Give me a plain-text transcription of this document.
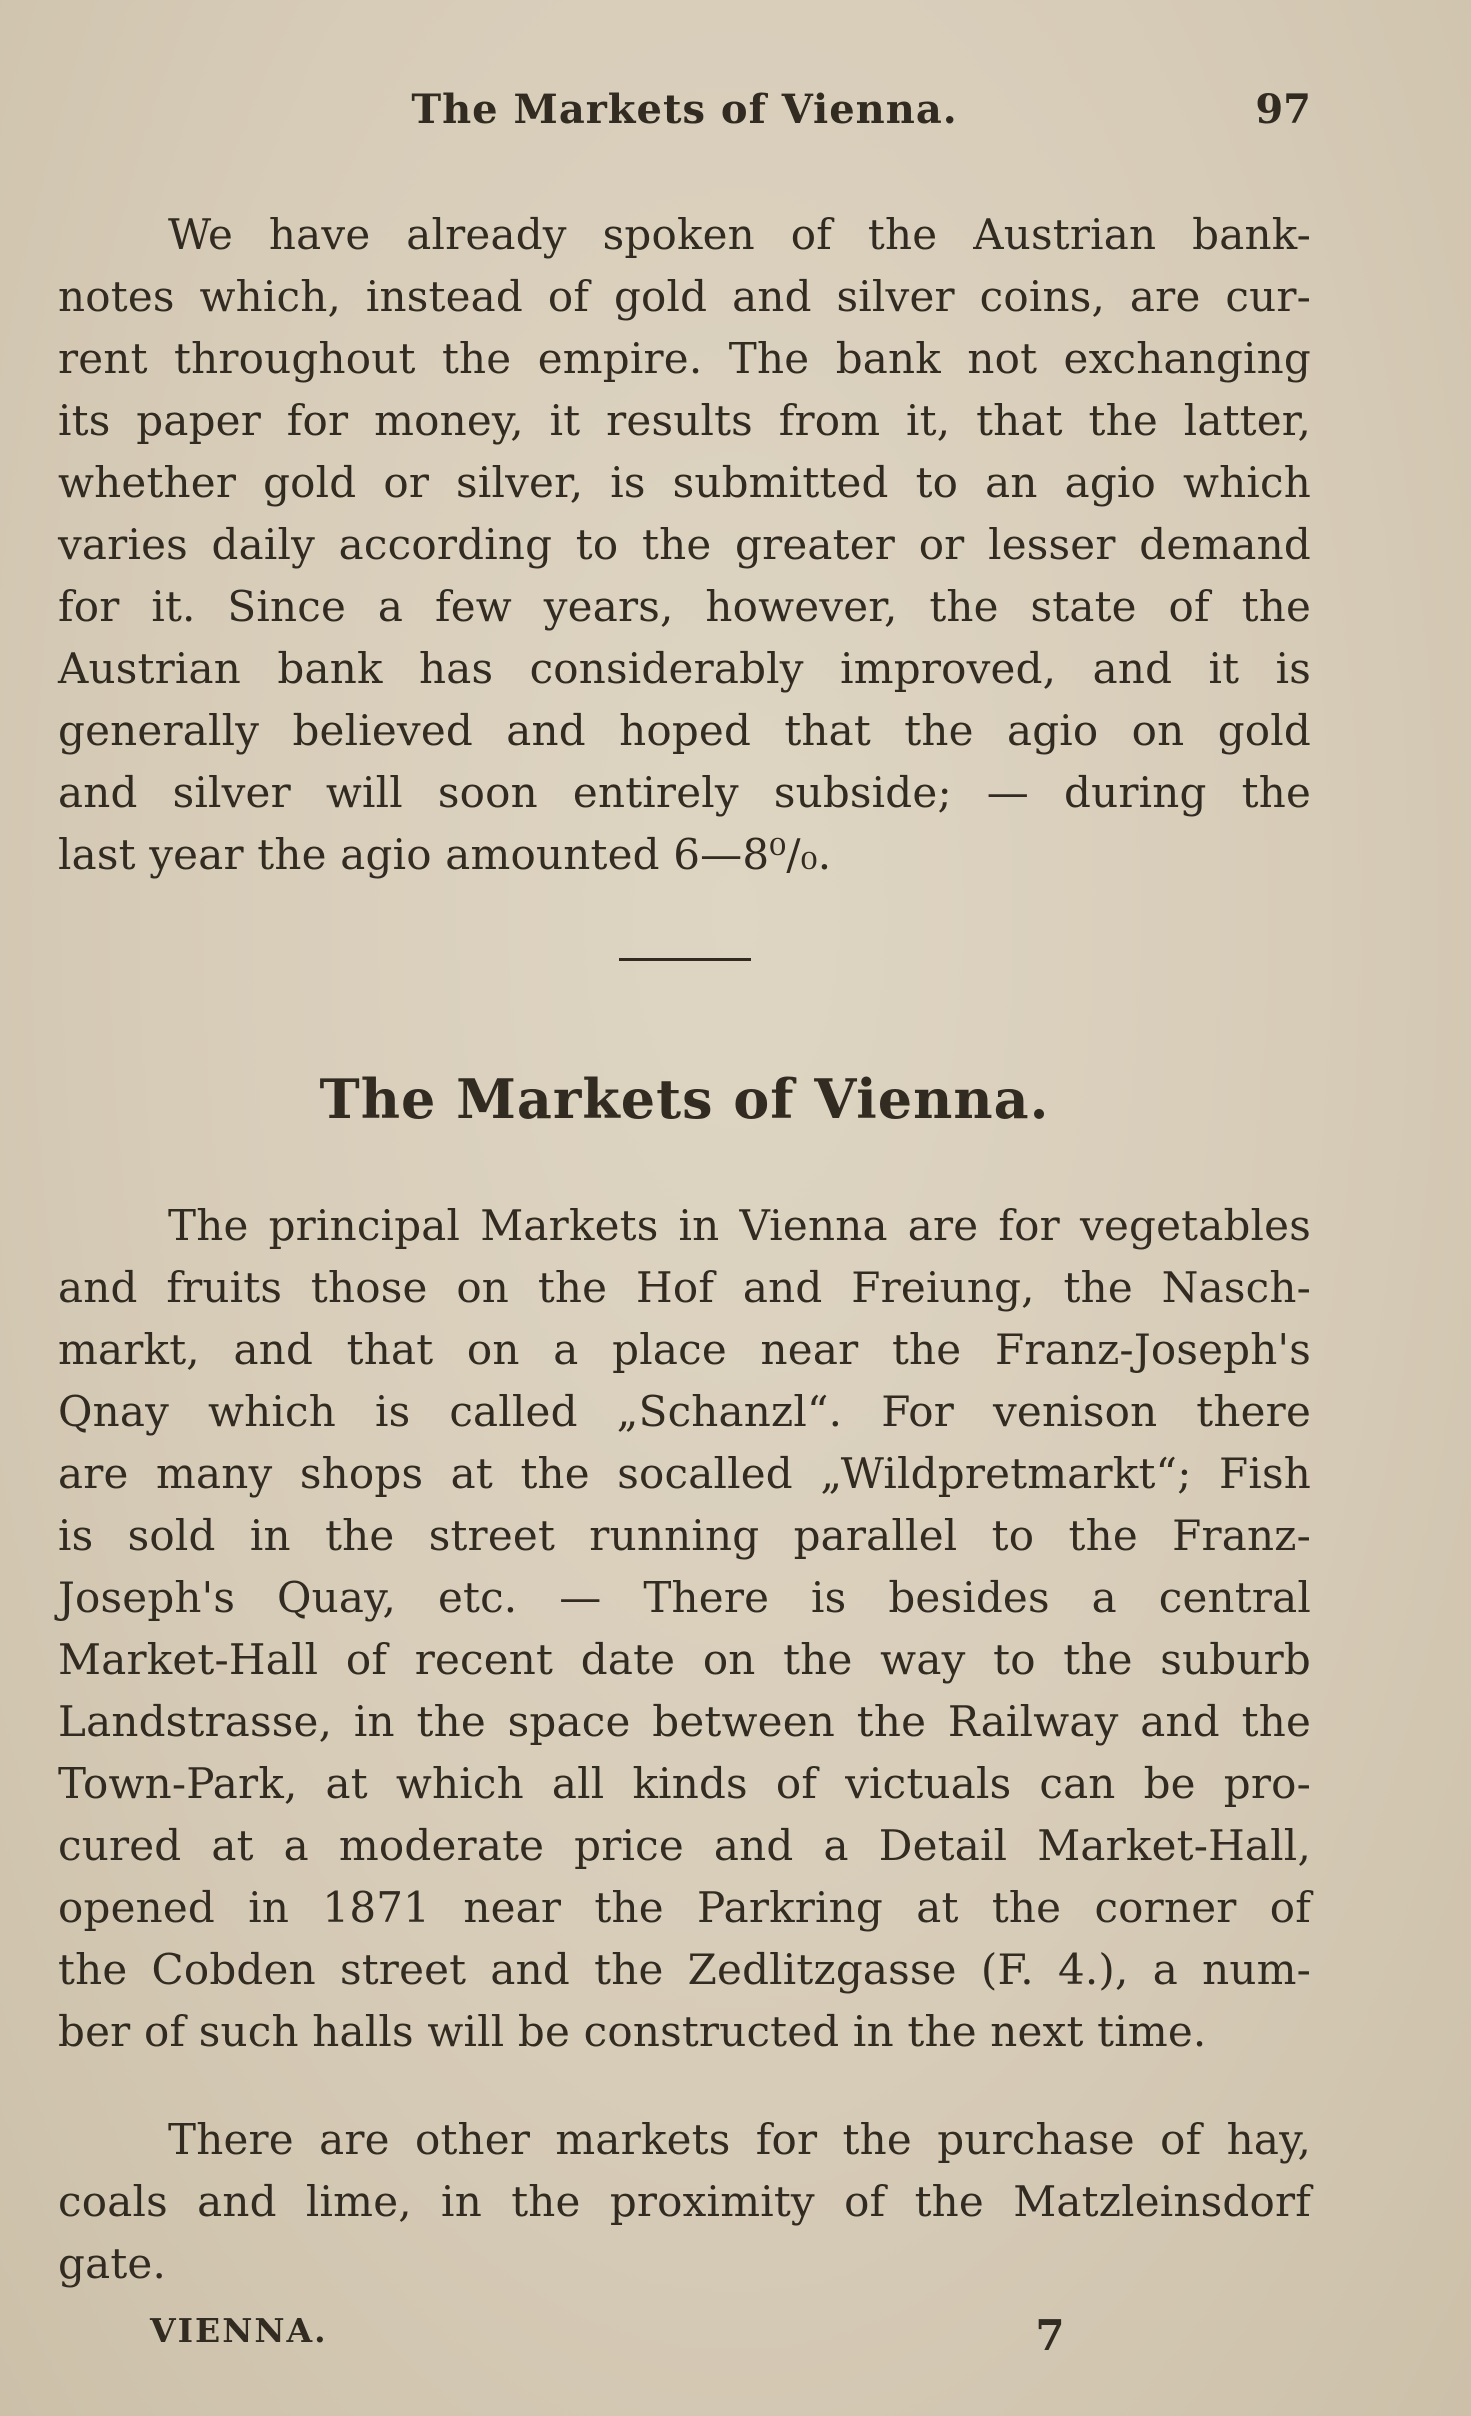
The Markets of Vienna.	97
We have already spoken of the Austrian bank-
notes which, instead of gold and silver coins, are cur-
rent throughout the empire. The bank not exchanging
its paper for money, it results from it, that the latter,
whether gold or silver, is submitted to an agio which
varies daily according to the greater or lesser demand
for it. Since a few years, however, the state of the
Austrian bank has considerably improved, and it is
generally believed and hoped that the agio on gold
and silver will soon entirely subside; — during the
last year the agio amounted 6—8⁰/₀.
The Markets of Vienna.
The principal Markets in Vienna are for vegetables
and fruits those on the Hof and Freiung, the Nasch-
markt, and that on a place near the Franz-Joseph's
Qnay which is called „Schanzl“. For venison there
are many shops at the socalled „Wildpretmarkt“; Fish
is sold in the street running parallel to the Franz-
Joseph's Quay, etc. — There is besides a central
Market-Hall of recent date on the way to the suburb
Landstrasse, in the space between the Railway and the
Town-Park, at which all kinds of victuals can be pro-
cured at a moderate price and a Detail Market-Hall,
opened in 1871 near the Parkring at the corner of
the Cobden street and the Zedlitzgasse (F. 4.), a num-
ber of such halls will be constructed in the next time.
There are other markets for the purchase of hay,
coals and lime, in the proximity of the Matzleinsdorf
gate.
VIENNA.	7
